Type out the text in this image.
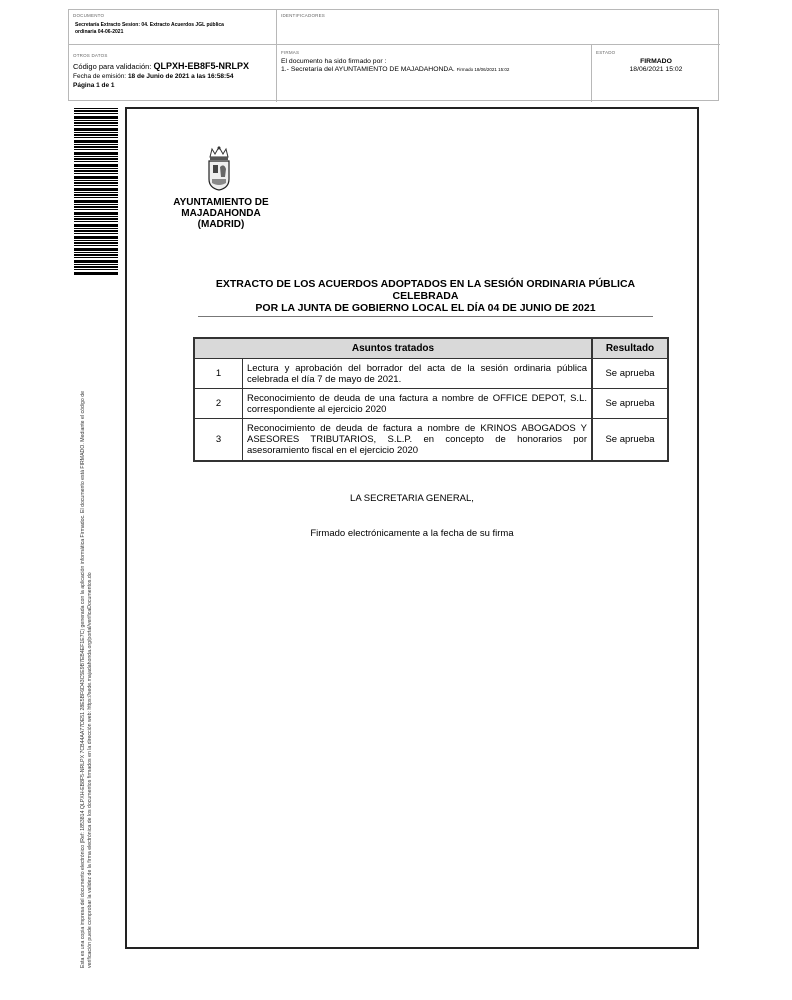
DOCUMENTO
Secretaría Extracto Sesion: 04. Extracto Acuerdos JGL pública ordinaria 04-06-2021
IDENTIFICADORES
OTROS DATOS
Código para validación: QLPXH-EB8F5-NRLPX
Fecha de emisión: 18 de Junio de 2021 a las 16:58:54
Página 1 de 1
FIRMAS
El documento ha sido firmado por :
1.- Secretaría del AYUNTAMIENTO DE MAJADAHONDA. Firmado 18/06/2021 15:02
ESTADO
FIRMADO
18/06/2021 15:02
Esta es una copia impresa del documento electrónico (Ref: 1853814 QLPXH-EB8F5-NRLPX 7CB44AA77DE51 28E5BF6D43C5E9B7EB4EF1E7C) generada con la aplicación informática Firmadoc. El documento está FIRMADO. Mediante el código de verificación puede comprobar la validez de la firma electrónica de los documentos firmados en la dirección web: https://sede.majadahonda.org/portal/verificaDocumentos.do
AYUNTAMIENTO DE
MAJADAHONDA
(MADRID)
EXTRACTO DE LOS ACUERDOS ADOPTADOS EN LA SESIÓN ORDINARIA PÚBLICA CELEBRADA
POR LA JUNTA DE GOBIERNO LOCAL EL DÍA 04 DE JUNIO DE 2021
Asuntos tratados		Resultado
1	Lectura y aprobación del borrador del acta de la sesión ordinaria pública celebrada el día 7 de mayo de 2021.	Se aprueba
2	Reconocimiento de deuda de una factura a nombre de OFFICE DEPOT, S.L. correspondiente al ejercicio 2020	Se aprueba
3	Reconocimiento de deuda de factura a nombre de KRINOS ABOGADOS Y ASESORES TRIBUTARIOS, S.L.P. en concepto de honorarios por asesoramiento fiscal en el ejercicio 2020	Se aprueba
LA SECRETARIA GENERAL,
Firmado electrónicamente a la fecha de su firma
